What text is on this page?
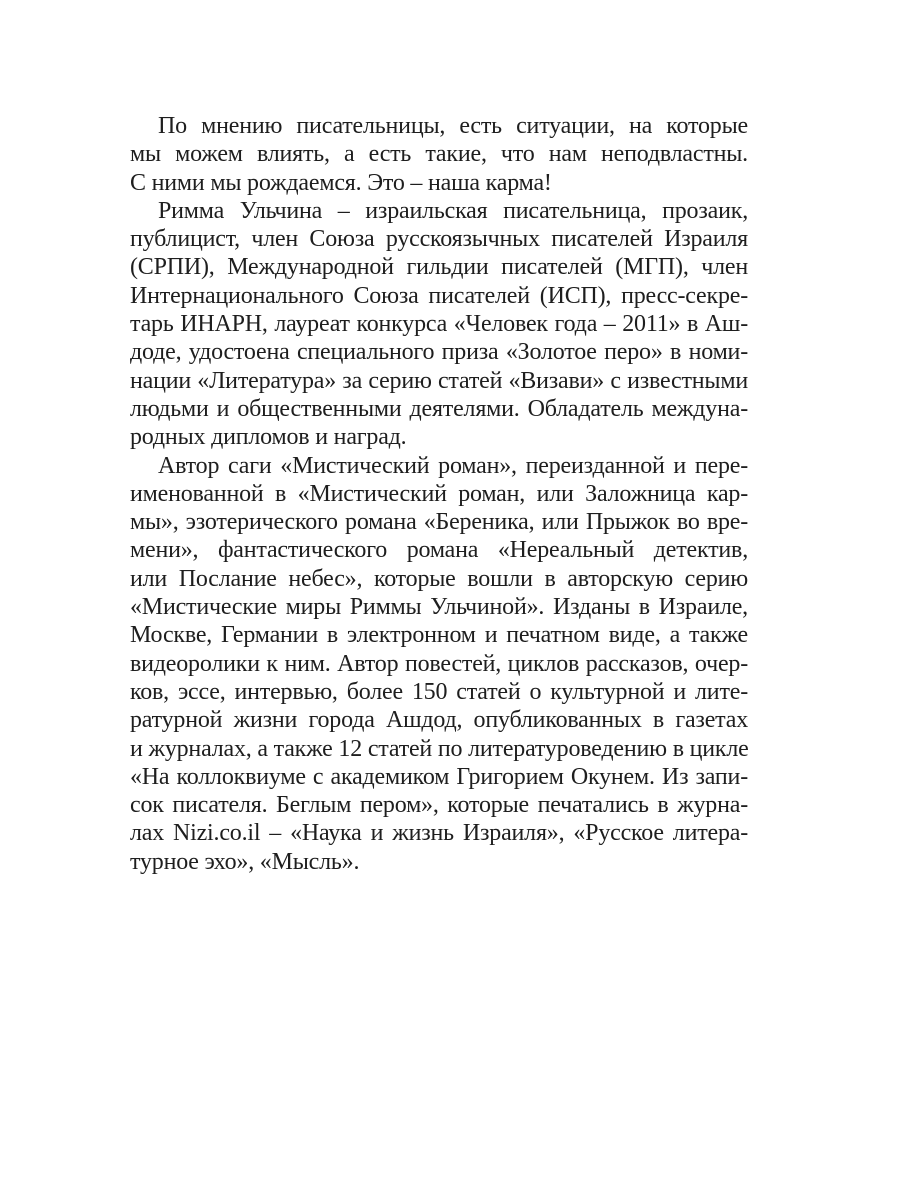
По мнению писательницы, есть ситуации, на которые
мы можем влиять, а есть такие, что нам неподвластны.
С ними мы рождаемся. Это – наша карма!
Римма Ульчина – израильская писательница, прозаик,
публицист, член Союза русскоязычных писателей Израиля
(СРПИ), Международной гильдии писателей (МГП), член
Интернационального Союза писателей (ИСП), пресс-секре-
тарь ИНАРН, лауреат конкурса «Человек года – 2011» в Аш-
доде, удостоена специального приза «Золотое перо» в номи-
нации «Литература» за серию статей «Визави» с известными
людьми и общественными деятелями. Обладатель междуна-
родных дипломов и наград.
Автор саги «Мистический роман», переизданной и пере-
именованной в «Мистический роман, или Заложница кар-
мы», эзотерического романа «Береника, или Прыжок во вре-
мени», фантастического романа «Нереальный детектив,
или Послание небес», которые вошли в авторскую серию
«Мистические миры Риммы Ульчиной». Изданы в Израиле,
Москве, Германии в электронном и печатном виде, а также
видеоролики к ним. Автор повестей, циклов рассказов, очер-
ков, эссе, интервью, более 150 статей о культурной и лите-
ратурной жизни города Ашдод, опубликованных в газетах
и журналах, а также 12 статей по литературоведению в цикле
«На коллоквиуме с академиком Григорием Окунем. Из запи-
сок писателя. Беглым пером», которые печатались в журна-
лах Nizi.co.il – «Наука и жизнь Израиля», «Русское литера-
турное эхо», «Мысль».
